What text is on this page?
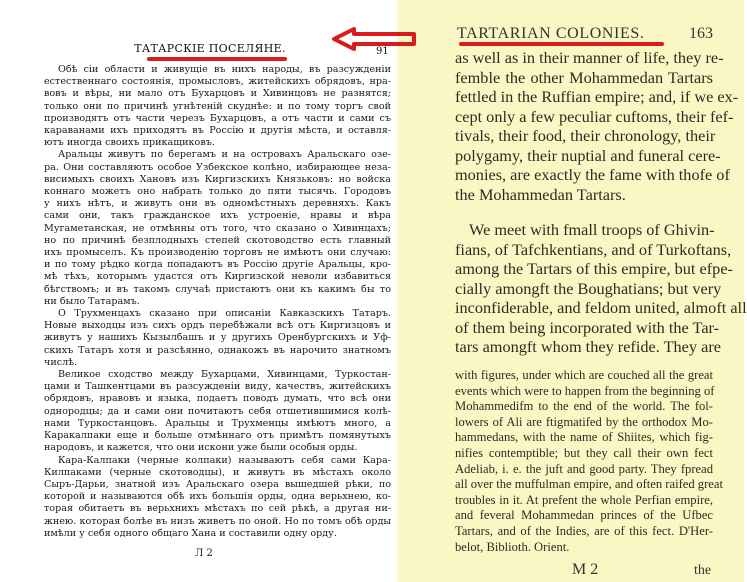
ТАТАРСКІЕ ПОСЕЛЯНЕ.	91
Обѣ сіи области и живущіе въ нихъ народы, въ разсужденіи
естественнаго состоянія, промысловъ, житейскихъ обрядовъ, нра-
вовъ и вѣры, ни мало отъ Бухарцовъ и Хивинцовъ не разнятся;
только они по причинѣ угнѣтеній скуднѣе: и по тому торгъ свой
производятъ отъ части черезъ Бухарцовъ, а отъ части и сами съ
караванами ихъ приходятъ въ Россію и другія мѣста, и оставля-
ютъ иногда своихъ прикащиковъ.
Аральцы живутъ по берегамъ и на островахъ Аральскаго озе-
ра. Они составляютъ особое Узбекское колѣно, избирающее неза-
висимыхъ своихъ Хановъ изъ Киргизскихъ Князьковъ: но войска
коннаго можетъ оно набрать только до пяти тысячь. Городовъ
у нихъ нѣтъ, и живутъ они въ одномѣстныхъ деревняхъ. Какъ
сами они, такъ гражданское ихъ устроеніе, нравы и вѣра
Мугаметанская, не отмѣнны отъ того, что сказано о Хивинцахъ;
но по причинѣ безплодныхъ степей скотоводство есть главный
ихъ промыселъ. Къ производенію торговъ не имѣютъ они случаю:
и по тому рѣдко когда попадаютъ въ Россію другіе Аральцы, кро-
мѣ тѣхъ, которымъ удастся отъ Киргизской неволи избавиться
бѣгствомъ; и въ такомъ случаѣ пристаютъ они къ какимъ бы то
ни было Татарамъ.
О Трухменцахъ сказано при описаніи Кавказскихъ Татаръ.
Новые выходцы изъ сихъ ордъ перебѣжали всѣ отъ Киргизцовъ и
живутъ у нашихъ Кызылбашъ и у другихъ Оренбургскихъ и Уф-
скихъ Татаръ хотя и разсѣянно, однакожъ въ нарочито знатномъ
числѣ.
Великое сходство между Бухарцами, Хивинцами, Туркостан-
цами и Ташкентцами въ разсужденіи виду, качествъ, житейскихъ
обрядовъ, нравовъ и языка, подаетъ поводъ думать, что всѣ они
однородцы; да и сами они почитаютъ себя отшетившимися колѣ-
нами Туркостанцовъ. Аральцы и Трухменцы имѣютъ много, а
Каракалпаки еще и больше отмѣннаго отъ примѣтъ помянутыхъ
народовъ, и кажется, что они искони уже были особыя орды.
Кара-Калпаки (черные колпаки) называютъ себя сами Кара-
Килпаками (черные скотоводцы), и живутъ въ мѣстахъ около
Сыръ-Дарьи, знатной изъ Аральскаго озера вышедшей рѣки, по
которой и называются обѣ ихъ большія орды, одна верьхнею, ко-
торая обитаетъ въ верьхнихъ мѣстахъ по сей рѣкѣ, а другая ни-
жнею. которая болѣе въ низъ живетъ по оной. Но по томъ обѣ орды
имѣли у себя одного общаго Хана и составили одну орду.
Л 2
TARTARIAN COLONIES.	163
as well as in their manner of life, they re-
femble the other Mohammedan Tartars
fettled in the Ruffian empire; and, if we ex-
cept only a few peculiar cuftoms, their fef-
tivals, their food, their chronology, their
polygamy, their nuptial and funeral cere-
monies, are exactly the fame with thofe of
the Mohammedan Tartars.
We meet with fmall troops of Ghivin-
fians, of Tafchkentians, and of Turkoftans,
among the Tartars of this empire, but efpe-
cially amongft the Boughatians; but very
inconfiderable, and feldom united, almoft all
of them being incorporated with the Tar-
tars amongft whom they refide. They are
with figures, under which are couched all the great
events which were to happen from the beginning of
Mohammedifm to the end of the world. The fol-
lowers of Ali are ftigmatifed by the orthodox Mo-
hammedans, with the name of Shiites, which fig-
nifies contemptible; but they call their own fect
Adeliab, i. e. the juft and good party. They fpread
all over the muffulman empire, and often raifed great
troubles in it. At prefent the whole Perfian empire,
and feveral Mohammedan princes of the Ufbec
Tartars, and of the Indies, are of this fect. D'Her-
belot, Biblioth. Orient.
M 2	the
